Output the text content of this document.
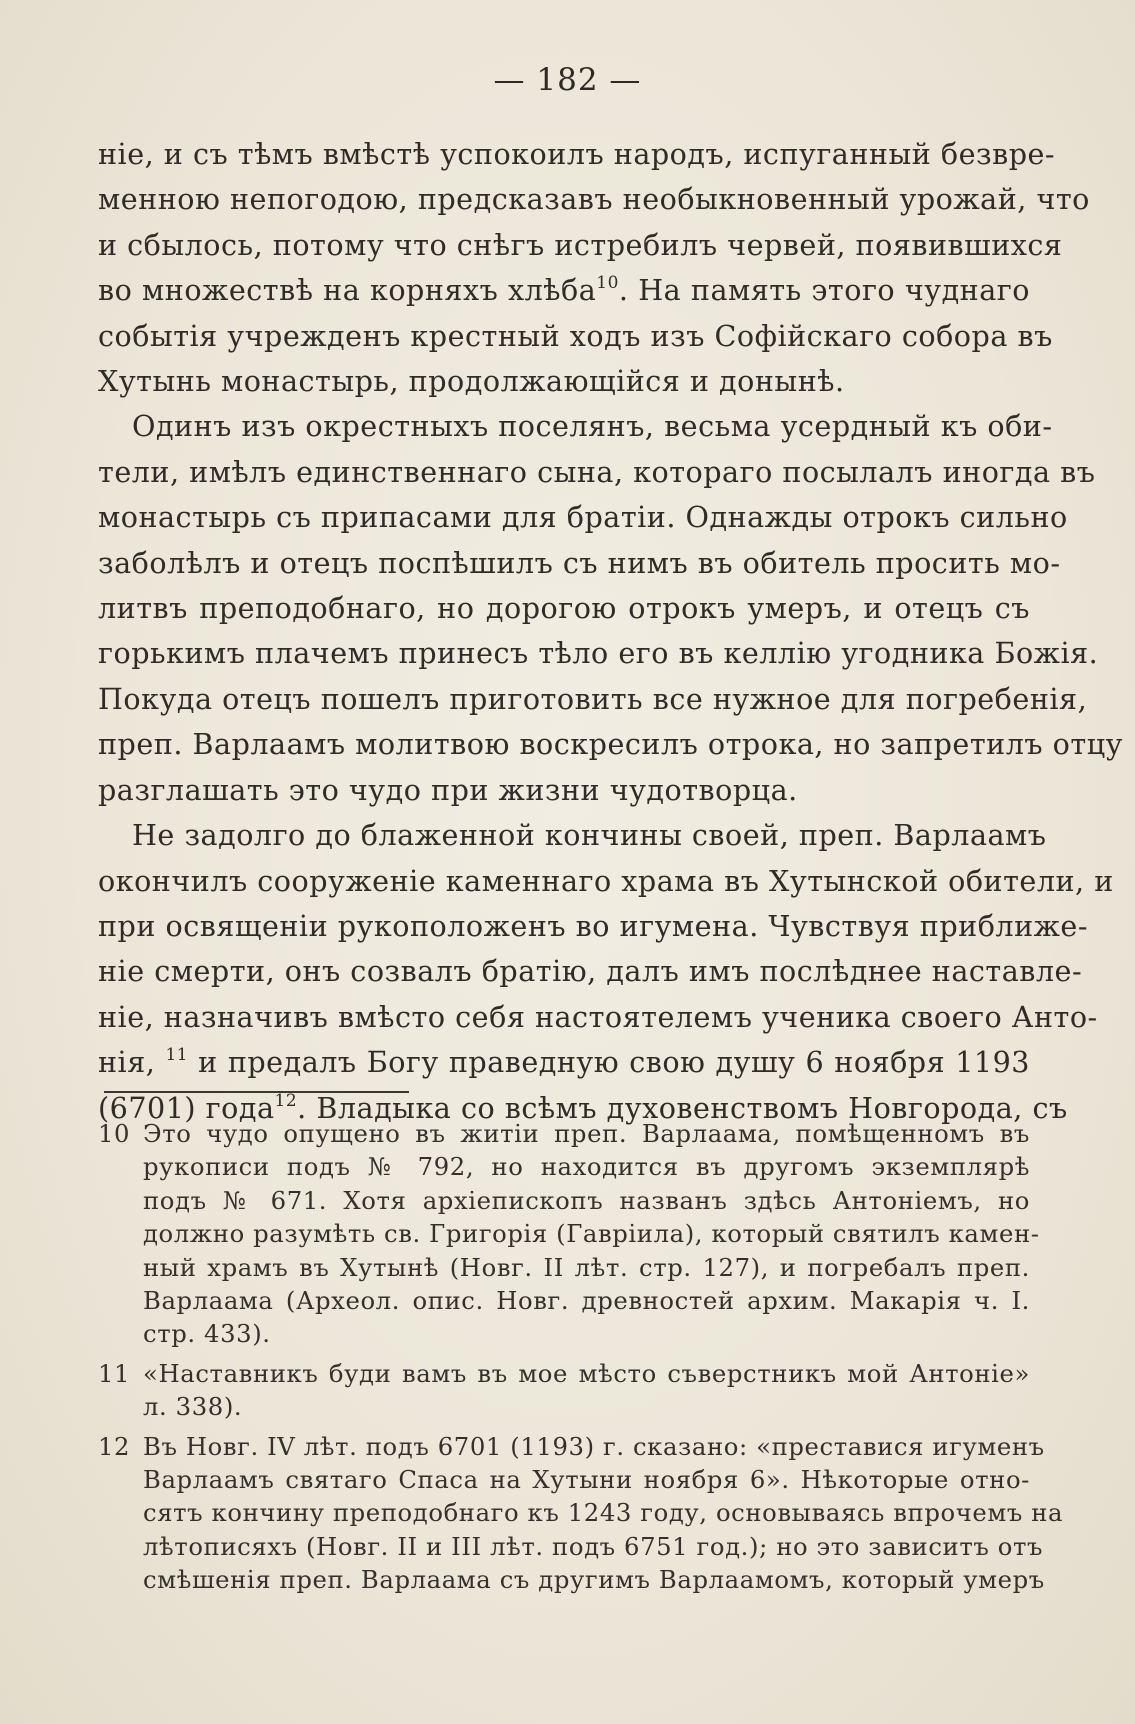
— 182 —
ніе, и съ тѣмъ вмѣстѣ успокоилъ народъ, испуганный безвре-
менною непогодою, предсказавъ необыкновенный урожай, что
и сбылось, потому что снѣгъ истребилъ червей, появившихся
во множествѣ на корняхъ хлѣба$^{10}$. На память этого чуднаго
событія учрежденъ крестный ходъ изъ Софійскаго собора въ
Хутынь монастырь, продолжающійся и донынѣ.
Одинъ изъ окрестныхъ поселянъ, весьма усердный къ оби-
тели, имѣлъ единственнаго сына, котораго посылалъ иногда въ
монастырь съ припасами для братіи. Однажды отрокъ сильно
заболѣлъ и отецъ поспѣшилъ съ нимъ въ обитель просить мо-
литвъ преподобнаго, но дорогою отрокъ умеръ, и отецъ съ
горькимъ плачемъ принесъ тѣло его въ келлію угодника Божія.
Покуда отецъ пошелъ приготовить все нужное для погребенія,
преп. Варлаамъ молитвою воскресилъ отрока, но запретилъ отцу
разглашать это чудо при жизни чудотворца.
Не задолго до блаженной кончины своей, преп. Варлаамъ
окончилъ сооруженіе каменнаго храма въ Хутынской обители, и
при освященіи рукоположенъ во игумена. Чувствуя приближе-
ніе смерти, онъ созвалъ братію, далъ имъ послѣднее наставле-
ніе, назначивъ вмѣсто себя настоятелемъ ученика своего Анто-
нія, $^{11}$ и предалъ Богу праведную свою душу 6 ноября 1193
(6701) года$^{12}$. Владыка со всѣмъ духовенствомъ Новгорода, съ
10 Это чудо опущено въ житіи преп. Варлаама, помѣщенномъ въ
рукописи подъ № 792, но находится въ другомъ экземплярѣ
подъ № 671. Хотя архіепископъ названъ здѣсь Антоніемъ, но
должно разумѣть св. Григорія (Гавріила), который святилъ камен-
ный храмъ въ Хутынѣ (Новг. II лѣт. стр. 127), и погребалъ преп.
Варлаама (Археол. опис. Новг. древностей архим. Макарія ч. I.
стр. 433).
11 «Наставникъ буди вамъ въ мое мѣсто съверстникъ мой Антоніе»
л. 338).
12 Въ Новг. IV лѣт. подъ 6701 (1193) г. сказано: «преставися игуменъ
Варлаамъ святаго Спаса на Хутыни ноября 6». Нѣкоторые отно-
сятъ кончину преподобнаго къ 1243 году, основываясь впрочемъ на
лѣтописяхъ (Новг. II и III лѣт. подъ 6751 год.); но это зависитъ отъ
смѣшенія преп. Варлаама съ другимъ Варлаамомъ, который умеръ
